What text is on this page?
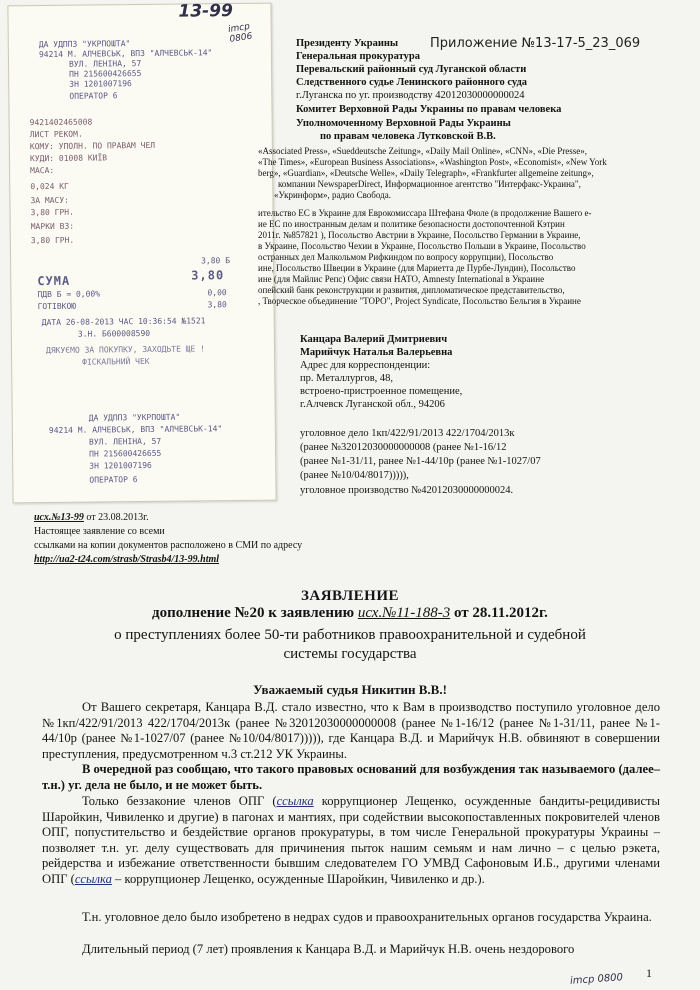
13-99
imcp 0806
ДА УДППЗ "УКРПОШТА"
94214 М. АЛЧЕВСЬК, ВПЗ "АЛЧЕВСЬК-14"
ВУЛ. ЛЕНІНА, 57
ПН 215600426655
ЗН 1201007196
ОПЕРАТОР 6
9421402465008
ЛИСТ РЕКОМ.
КОМУ: УПОЛН. ПО ПРАВАМ ЧЕЛ
КУДИ: 01008 КИЇВ
МАСА:
0,024 КГ
ЗА МАСУ:
3,80 ГРН.
МАРКИ ВЗ:
3,80 ГРН.
3,80 Б
СУМА	3,80
ПДВ Б = 0,00%	0,00
ГОТІВКОЮ	3,80
ДАТА 26-08-2013 ЧАС 10:36:54 №1521
З.Н. Б600008590
ДЯКУЄМО ЗА ПОКУПКУ, ЗАХОДЬТЕ ЩЕ !
ФІСКАЛЬНИЙ ЧЕК
ДА УДППЗ "УКРПОШТА"
94214 М. АЛЧЕВСЬК, ВПЗ "АЛЧЕВСЬК-14"
ВУЛ. ЛЕНІНА, 57
ПН 215600426655
ЗН 1201007196
ОПЕРАТОР 6
Приложение №13-17-5_23_069
Президенту Украины
Генеральная прокуратура
Перевальский районный суд Луганской области
Следственного судье Ленинского районного суда
г.Луганска по уг. производству 42012030000000024
Комитет Верховной Рады Украины по правам человека
Уполномоченному Верховной Рады Украины
по правам человека Лутковской В.В.
«Associated Press», «Sueddeutsche Zeitung», «Daily Mail Online», «CNN», «Die Presse»,
«The Times», «European Business Associations», «Washington Post», «Economist», «New York
berg», «Guardian», «Deutsche Welle», «Daily Telegraph», «Frankfurter allgemeine zeitung»,
компании NewspaperDirect, Информационное агентство "Интерфакс-Украина",
«Укринформ», радио Свобода.
ительство ЕС в Украине для Еврокомиссара Штефана Фюле (в продолжение Вашего е-
ие ЕС по иностранным делам и политике безопасности достопочтенной Кэтрин
2011г. №857821 ), Посольство Австрии в Украине, Посольство Германии в Украине,
в Украине, Посольство Чехии в Украине, Посольство Польши в Украине, Посольство
остранных дел Малкольмом Рифкиндом по вопросу коррупции), Посольство
ине, Посольство Швеции в Украине (для Мариетта де Пурбе-Лундин), Посольство
ине (для Майлис Репс) Офис связи НАТО, Amnesty International в Украине
опейский банк реконструкции и развития, дипломатическое представительство,
, Творческое объединение "ТОРО", Project Syndicate, Посольство Бельгия в Украине
Канцара Валерий Дмитриевич
Марийчук Наталья Валерьевна
Адрес для корреспонденции:
пр. Металлургов, 48,
встроено-пристроенное помещение,
г.Алчевск Луганской обл., 94206
уголовное дело 1кп/422/91/2013 422/1704/2013к
(ранее №32012030000000008 (ранее №1-16/12
(ранее №1-31/11, ранее №1-44/10р (ранее №1-1027/07
(ранее №10/04/8017))))),
уголовное производство №42012030000000024.
исх.№13-99 от 23.08.2013г.
Настоящее заявление со всеми
ссылками на копии документов расположено в СМИ по адресу
http://ua2-t24.com/strasb/Strasb4/13-99.html
ЗАЯВЛЕНИЕ
дополнение №20 к заявлению исх.№11-188-3 от 28.11.2012г.
о преступлениях более 50-ти работников правоохранительной и судебной
системы государства
Уважаемый судья Никитин В.В.!
От Вашего секретаря, Канцара В.Д. стало известно, что к Вам в производство поступило уголовное дело №1кп/422/91/2013 422/1704/2013к (ранее №32012030000000008 (ранее №1-16/12 (ранее №1-31/11, ранее №1-44/10р (ранее №1-1027/07 (ранее №10/04/8017))))), где Канцара В.Д. и Марийчук Н.В. обвиняют в совершении преступления, предусмотренном ч.3 ст.212 УК Украины.
В очередной раз сообщаю, что такого правовых оснований для возбуждения так называемого (далее– т.н.) уг. дела не было, и не может быть.
Только беззаконие членов ОПГ (ссылка коррупционер Лещенко, осужденные бандиты-рецидивисты Шаройкин, Чивиленко и другие) в пагонах и мантиях, при содействии высокопоставленных покровителей членов ОПГ, попустительство и бездействие органов прокуратуры, в том числе Генеральной прокуратуры Украины –позволяет т.н. уг. делу существовать для причинения пыток нашим семьям и нам лично – с целью рэкета, рейдерства и избежание ответственности бывшим следователем ГО УМВД Сафоновым И.Б., другими членами ОПГ (ссылка – коррупционер Лещенко, осужденные Шаройкин, Чивиленко и др.).
Т.н. уголовное дело было изобретено в недрах судов и правоохранительных органов государства Украина.
Длительный период (7 лет) проявления к Канцара В.Д. и Марийчук Н.В. очень нездорового
1
imcp 0800
